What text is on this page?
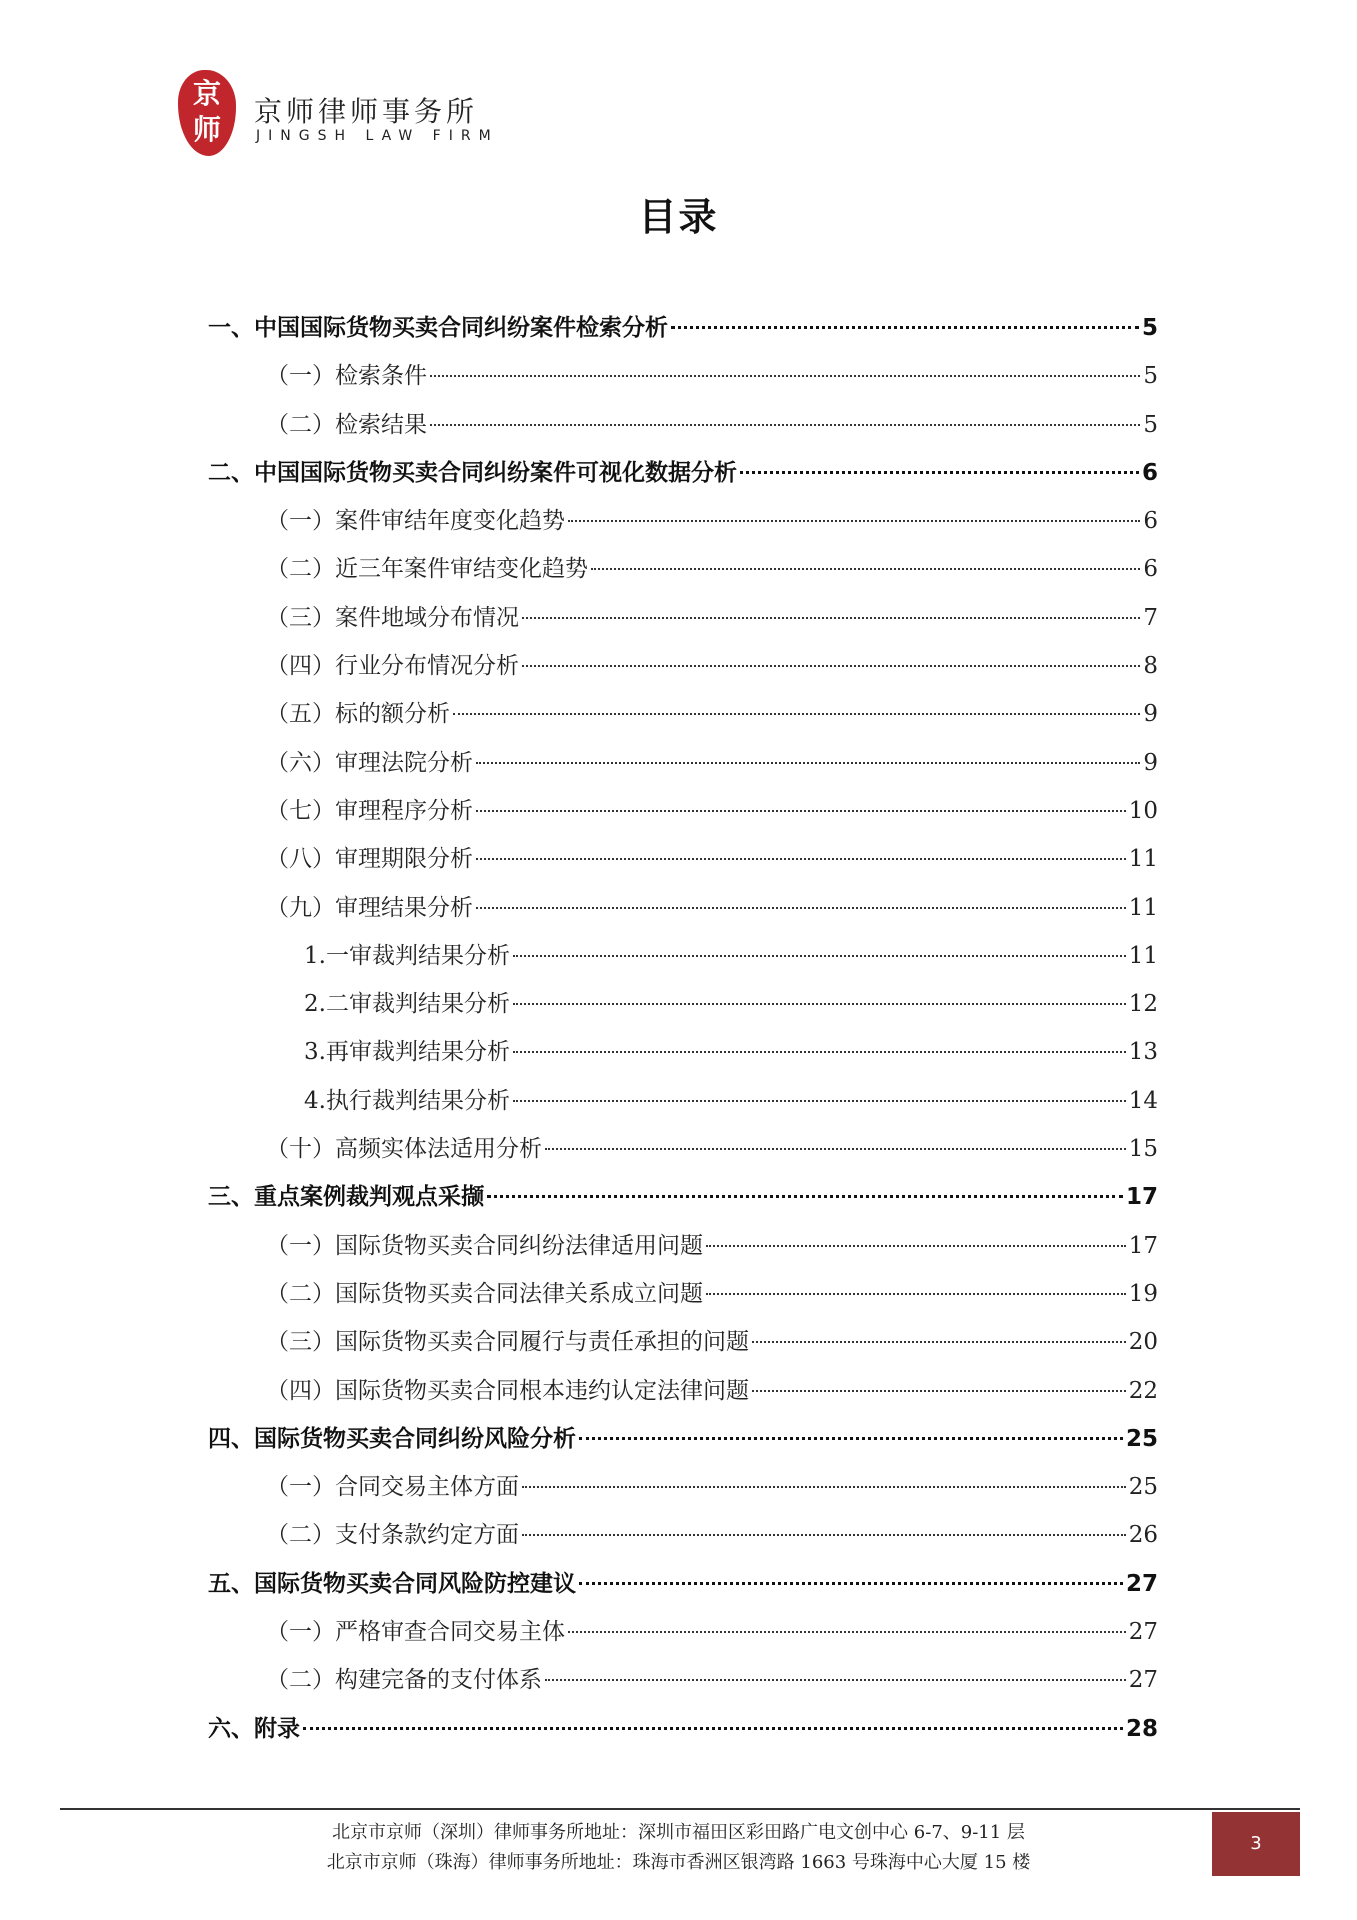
京
师
京师律师事务所
JINGSH LAW FIRM
目录
一、中国国际货物买卖合同纠纷案件检索分析	5
（一）检索条件	5
（二）检索结果	5
二、中国国际货物买卖合同纠纷案件可视化数据分析	6
（一）案件审结年度变化趋势	6
（二）近三年案件审结变化趋势	6
（三）案件地域分布情况	7
（四）行业分布情况分析	8
（五）标的额分析	9
（六）审理法院分析	9
（七）审理程序分析	10
（八）审理期限分析	11
（九）审理结果分析	11
1.一审裁判结果分析	11
2.二审裁判结果分析	12
3.再审裁判结果分析	13
4.执行裁判结果分析	14
（十）高频实体法适用分析	15
三、重点案例裁判观点采撷	17
（一）国际货物买卖合同纠纷法律适用问题	17
（二）国际货物买卖合同法律关系成立问题	19
（三）国际货物买卖合同履行与责任承担的问题	20
（四）国际货物买卖合同根本违约认定法律问题	22
四、国际货物买卖合同纠纷风险分析	25
（一）合同交易主体方面	25
（二）支付条款约定方面	26
五、国际货物买卖合同风险防控建议	27
（一）严格审查合同交易主体	27
（二）构建完备的支付体系	27
六、附录	28
北京市京师（深圳）律师事务所地址：深圳市福田区彩田路广电文创中心 6-7、9-11 层
北京市京师（珠海）律师事务所地址：珠海市香洲区银湾路 1663 号珠海中心大厦 15 楼
3
